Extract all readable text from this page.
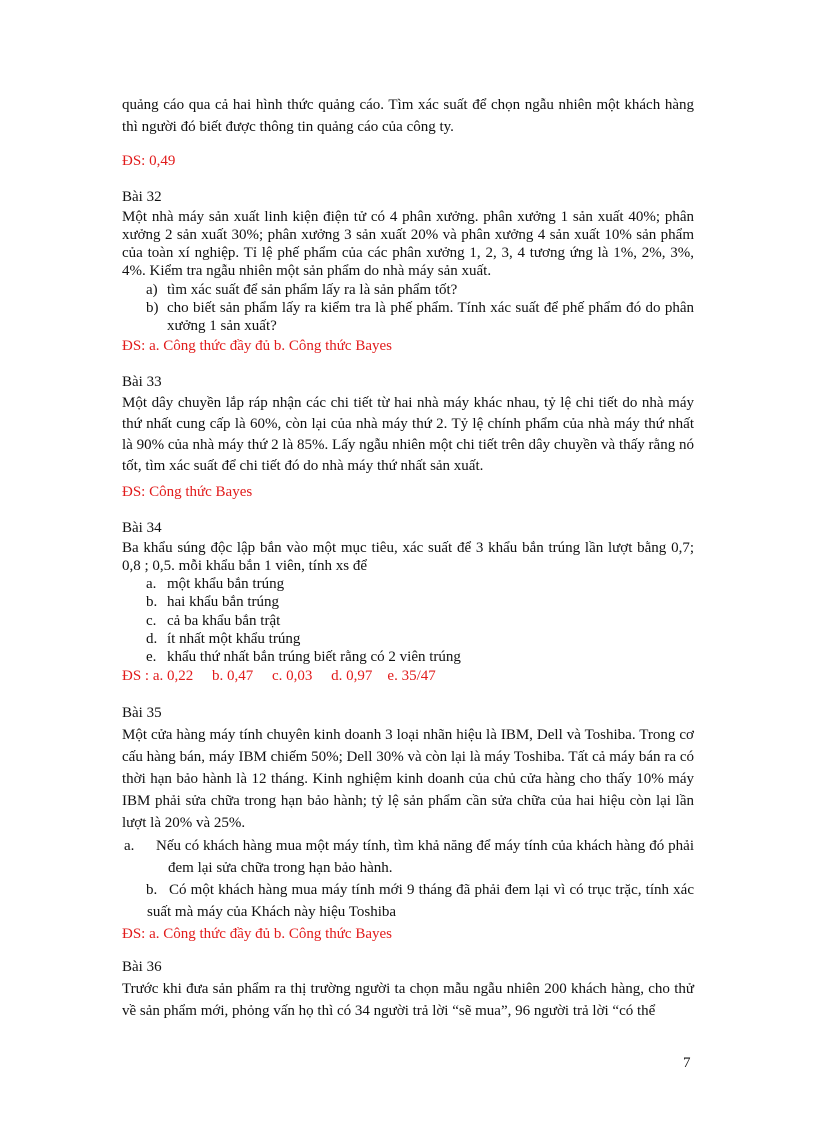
quảng cáo qua cả hai hình thức quảng cáo. Tìm xác suất để chọn ngẫu nhiên một khách hàng thì người đó biết được thông tin quảng cáo của công ty.

ĐS: 0,49

Bài 32

Một nhà máy sản xuất linh kiện điện tử có 4 phân xưởng. phân xưởng 1 sản xuất 40%; phân xưởng 2 sản xuất 30%; phân xưởng 3 sản xuất 20% và phân xưởng 4 sản xuất 10% sản phẩm của toàn xí nghiệp. Tỉ lệ phế phẩm của các phân xưởng 1, 2, 3, 4 tương ứng là 1%, 2%, 3%, 4%. Kiểm tra ngẫu nhiên một sản phẩm do nhà máy sản xuất.

a) tìm xác suất để sản phẩm lấy ra là sản phẩm tốt?
b) cho biết sản phẩm lấy ra kiểm tra là phế phẩm. Tính xác suất để phế phẩm đó do phân xưởng 1 sản xuất?

ĐS: a. Công thức đầy đủ b. Công thức Bayes

Bài 33

Một dây chuyền lắp ráp nhận các chi tiết từ hai nhà máy khác nhau, tỷ lệ chi tiết do nhà máy thứ nhất cung cấp là 60%, còn lại của nhà máy thứ 2. Tỷ lệ chính phẩm của nhà máy thứ nhất là 90% của nhà máy thứ 2 là 85%. Lấy ngẫu nhiên một chi tiết trên dây chuyền và thấy rằng nó tốt, tìm xác suất để chi tiết đó do nhà máy thứ nhất sản xuất.

ĐS: Công thức Bayes

Bài 34

Ba khẩu súng độc lập bắn vào một mục tiêu, xác suất để 3 khẩu bắn trúng lần lượt bằng 0,7; 0,8 ; 0,5. mỗi khẩu bắn 1 viên, tính xs để

a. một khẩu bắn trúng
b. hai khẩu bắn trúng
c. cả ba khẩu bắn trật
d. ít nhất một khẩu trúng
e. khẩu thứ nhất bắn trúng biết rằng có 2 viên trúng

ĐS : a. 0,22     b. 0,47     c. 0,03     d. 0,97    e. 35/47

Bài 35

Một cửa hàng máy tính chuyên kinh doanh 3 loại nhãn hiệu là IBM, Dell và Toshiba. Trong cơ cấu hàng bán, máy IBM chiếm 50%; Dell 30% và còn lại là máy Toshiba. Tất cả máy bán ra có thời hạn bảo hành là 12 tháng. Kinh nghiệm kinh doanh của chủ cửa hàng cho thấy 10% máy IBM phải sửa chữa trong hạn bảo hành; tỷ lệ sản phẩm cần sửa chữa của hai hiệu còn lại lần lượt là 20% và 25%.

a. Nếu có khách hàng mua một máy tính, tìm khả năng để máy tính của khách hàng đó phải đem lại sửa chữa trong hạn bảo hành.
b. Có một khách hàng mua máy tính mới 9 tháng đã phải đem lại vì có trục trặc, tính xác suất mà máy của Khách này hiệu Toshiba

ĐS: a. Công thức đầy đủ b. Công thức Bayes

Bài 36

Trước khi đưa sản phẩm ra thị trường người ta chọn mẫu ngẫu nhiên 200 khách hàng, cho thử về sản phẩm mới, phỏng vấn họ thì có 34 người trả lời “sẽ mua”, 96 người trả lời “có thể

7
